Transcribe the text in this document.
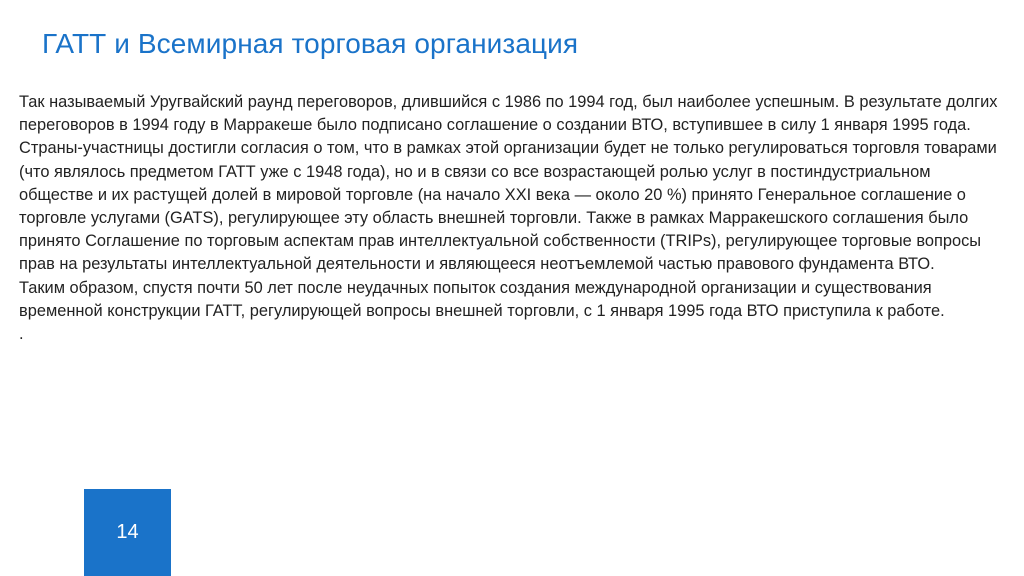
ГАТТ и Всемирная торговая организация

Так называемый Уругвайский раунд переговоров, длившийся с 1986 по 1994 год, был наиболее успешным. В результате долгих переговоров в 1994 году в Марракеше было подписано соглашение о создании ВТО, вступившее в силу 1 января 1995 года. Страны-участницы достигли согласия о том, что в рамках этой организации будет не только регулироваться торговля товарами (что являлось предметом ГАТТ уже с 1948 года), но и в связи со все возрастающей ролью услуг в постиндустриальном обществе и их растущей долей в мировой торговле (на начало XXI века — около 20 %) принято Генеральное соглашение о торговле услугами (GATS), регулирующее эту область внешней торговли. Также в рамках Марракешского соглашения было принято Соглашение по торговым аспектам прав интеллектуальной собственности (TRIPs), регулирующее торговые вопросы прав на результаты интеллектуальной деятельности и являющееся неотъемлемой частью правового фундамента ВТО.

Таким образом, спустя почти 50 лет после неудачных попыток создания международной организации и существования временной конструкции ГАТТ, регулирующей вопросы внешней торговли, с 1 января 1995 года ВТО приступила к работе.

.

14
